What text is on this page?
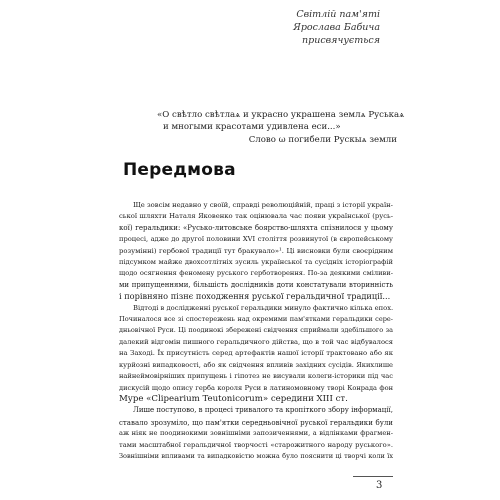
Світлій пам'яті
Ярослава Бабича
присвячується
«О свѣтло свѣтлаѧ и украсно украшена землѧ Руськаѧ
и многыми красотами удивлена еси...»
Слово ω погибели Рускыѧ земли
Передмова
Ще зовсім недавно у своїй, справді революційній, праці з історії україн-
ської шляхти Наталя Яковенко так оцінювала час появи української (русь-
кої) геральдики: «Русько-литовське боярство-шляхта спізнилося у цьому
процесі, адже до другої половини XVI століття розвинутої (в європейському
розумінні) гербової традиції тут бракувало»¹. Ці висновки були своєрідним
підсумком майже двохсотлітніх зусиль української та сусідніх історіографій
щодо осягнення феномену руського герботворення. По-за деякими сміливи-
ми припущеннями, більшість дослідників доти констатували вторинність
і порівняно пізнє походження руської геральдичної традиції...
Відтоді в дослідженні руської геральдики минуло фактично кілька епох.
Починалося все зі спостережень над окремими пам'ятками геральдики сере-
дньовічної Руси. Ці поодинокі збережені свідчення сприймали здебільшого за
далекий відгомін пишного геральдичного дійства, що в той час відбувалося
на Заході. Їх присутність серед артефактів нашої історії трактовано або як
курйозні випадковості, або як свідчення впливів західних сусідів. Якихлише
найнеймовірніших припущень і гіпотез не висували колеги-історики під час
дискусій щодо опису герба короля Руси в латиномовному творі Конрада фон
Муре «Clipearium Teutonicorum» середини XIII ст.
Лише поступово, в процесі тривалого та кропіткого збору інформації,
ставало зрозуміло, що пам'ятки середньовічної руської геральдики були
аж ніяк не поодинокими зовнішніми запозиченнями, а відлінками фрагмен-
тами масштабної геральдичної творчості «старожитного народу руського».
Зовнішніми впливами та випадковістю можна було пояснити ці творчі коли їх
3
